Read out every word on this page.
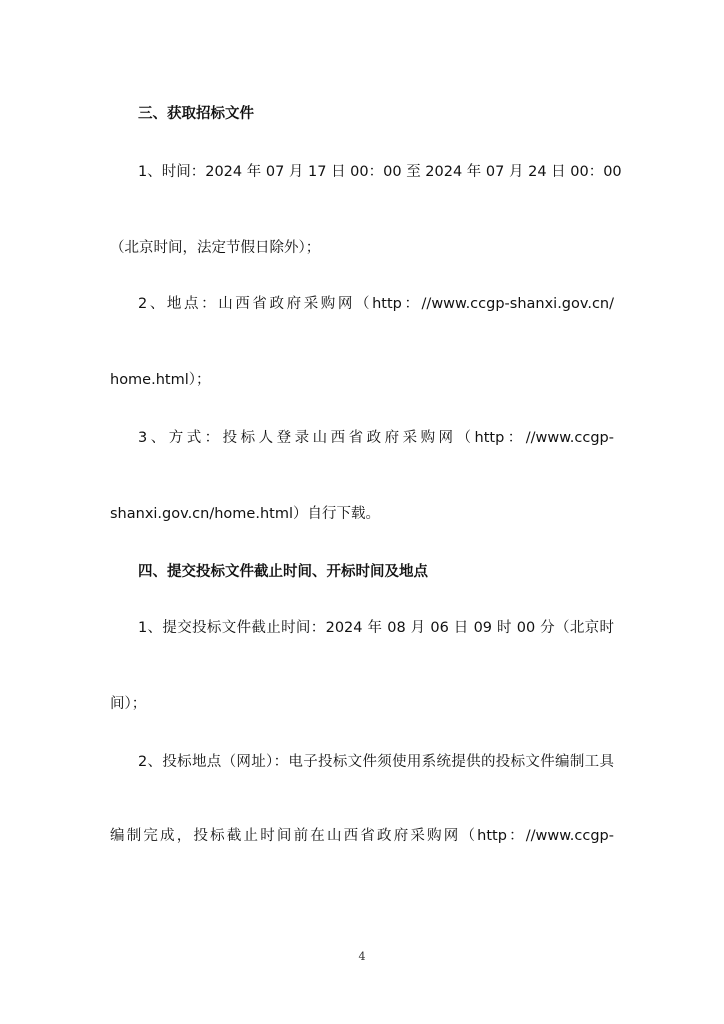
三、获取招标文件

1、时间：2024 年 07 月 17 日 00：00 至 2024 年 07 月 24 日 00：00

（北京时间，法定节假日除外）；

2、地点：山西省政府采购网（http：//www.ccgp-shanxi.gov.cn/

home.html）；

3、方式：投标人登录山西省政府采购网（http：//www.ccgp-

shanxi.gov.cn/home.html）自行下载。

四、提交投标文件截止时间、开标时间及地点

1、提交投标文件截止时间：2024 年 08 月 06 日 09 时 00 分（北京时

间）；

2、投标地点（网址）：电子投标文件须使用系统提供的投标文件编制工具

编制完成，投标截止时间前在山西省政府采购网（http：//www.ccgp-

4
